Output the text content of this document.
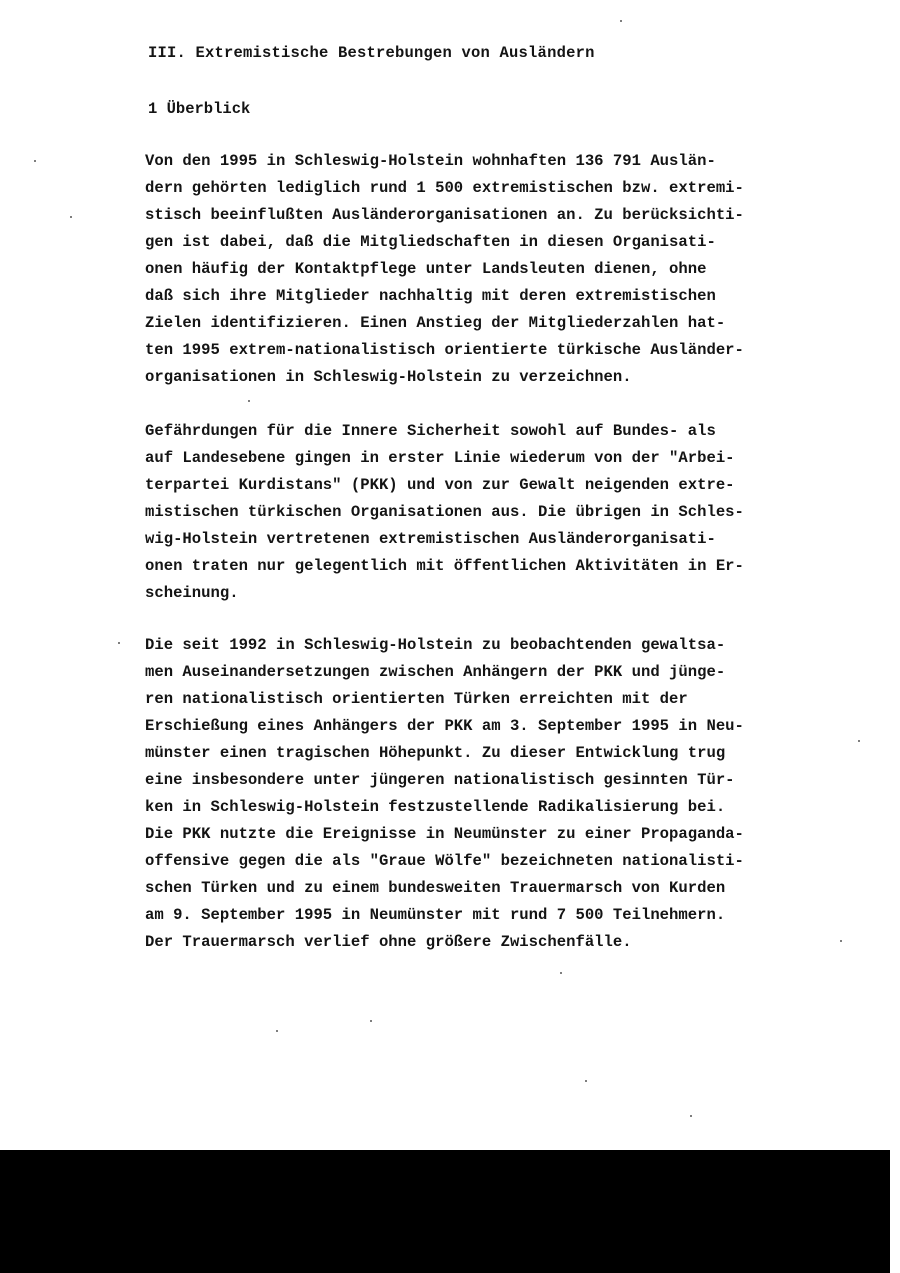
III. Extremistische Bestrebungen von Ausländern
1 Überblick
Von den 1995 in Schleswig-Holstein wohnhaften 136 791 Auslän-
dern gehörten lediglich rund 1 500 extremistischen bzw. extremi-
stisch beeinflußten Ausländerorganisationen an. Zu berücksichti-
gen ist dabei, daß die Mitgliedschaften in diesen Organisati-
onen häufig der Kontaktpflege unter Landsleuten dienen, ohne
daß sich ihre Mitglieder nachhaltig mit deren extremistischen
Zielen identifizieren. Einen Anstieg der Mitgliederzahlen hat-
ten 1995 extrem-nationalistisch orientierte türkische Ausländer-
organisationen in Schleswig-Holstein zu verzeichnen.
Gefährdungen für die Innere Sicherheit sowohl auf Bundes- als
auf Landesebene gingen in erster Linie wiederum von der "Arbei-
terpartei Kurdistans" (PKK) und von zur Gewalt neigenden extre-
mistischen türkischen Organisationen aus. Die übrigen in Schles-
wig-Holstein vertretenen extremistischen Ausländerorganisati-
onen traten nur gelegentlich mit öffentlichen Aktivitäten in Er-
scheinung.
Die seit 1992 in Schleswig-Holstein zu beobachtenden gewaltsa-
men Auseinandersetzungen zwischen Anhängern der PKK und jünge-
ren nationalistisch orientierten Türken erreichten mit der
Erschießung eines Anhängers der PKK am 3. September 1995 in Neu-
münster einen tragischen Höhepunkt. Zu dieser Entwicklung trug
eine insbesondere unter jüngeren nationalistisch gesinnten Tür-
ken in Schleswig-Holstein festzustellende Radikalisierung bei.
Die PKK nutzte die Ereignisse in Neumünster zu einer Propaganda-
offensive gegen die als "Graue Wölfe" bezeichneten nationalisti-
schen Türken und zu einem bundesweiten Trauermarsch von Kurden
am 9. September 1995 in Neumünster mit rund 7 500 Teilnehmern.
Der Trauermarsch verlief ohne größere Zwischenfälle.
